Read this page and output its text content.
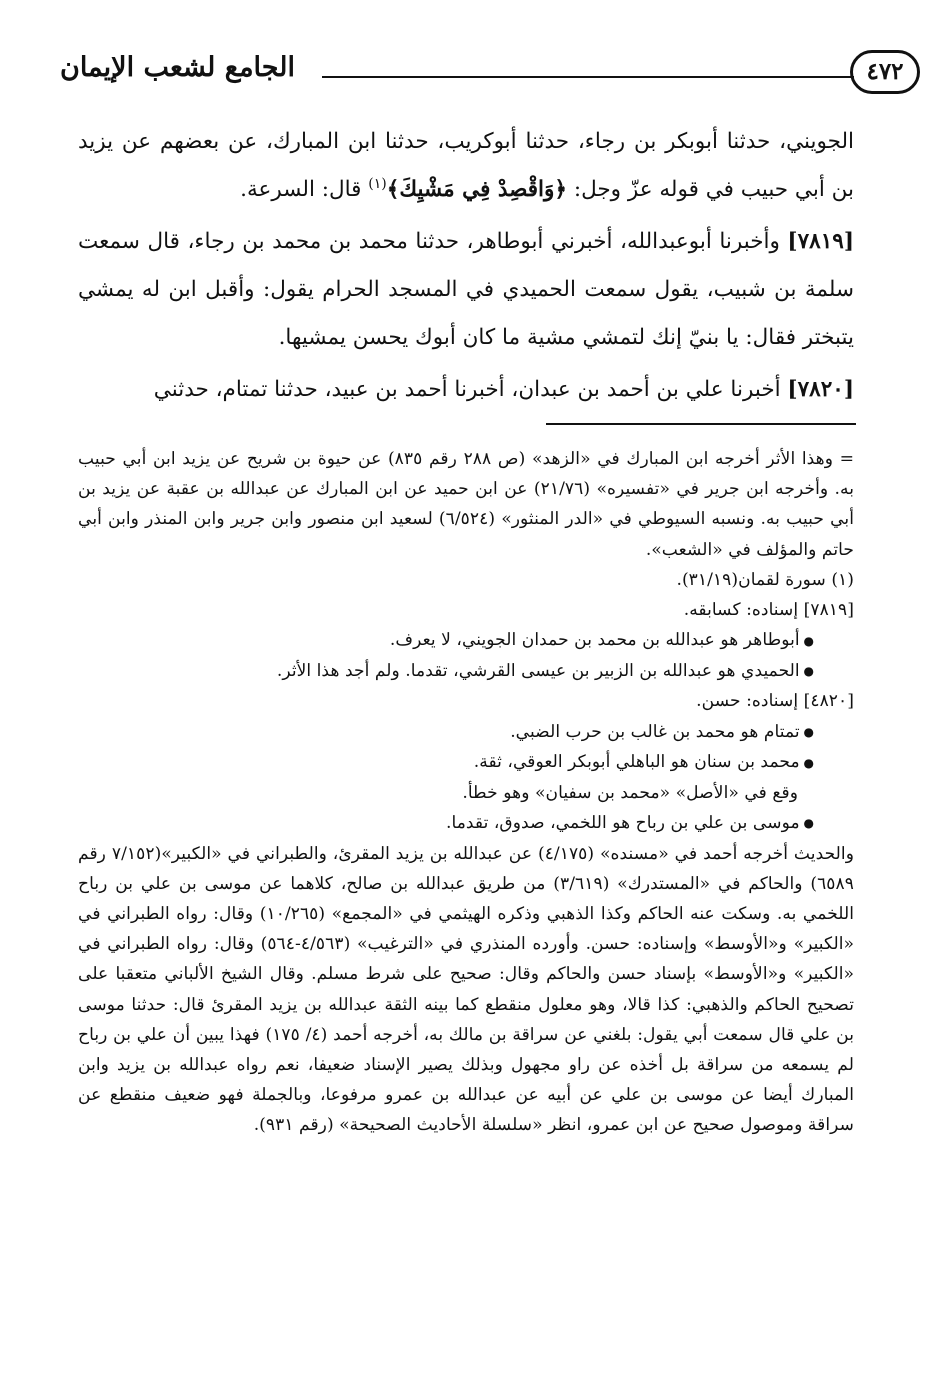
الجامع لشعب الإيمان	٤٧٢

الجويني، حدثنا أبوبكر بن رجاء، حدثنا أبوكريب، حدثنا ابن المبارك، عن بعضهم عن يزيد بن أبي حبيب في قوله عزّ وجل: ﴿وَاقْصِدْ فِي مَشْيِكَ﴾$^{(١)}$ قال: السرعة.

[٧٨١٩] وأخبرنا أبوعبدالله، أخبرني أبوطاهر، حدثنا محمد بن محمد بن رجاء، قال سمعت سلمة بن شبيب، يقول سمعت الحميدي في المسجد الحرام يقول: وأقبل ابن له يمشي يتبختر فقال: يا بنيّ إنك لتمشي مشية ما كان أبوك يحسن يمشيها.

[٧٨٢٠] أخبرنا علي بن أحمد بن عبدان، أخبرنا أحمد بن عبيد، حدثنا تمتام، حدثني

= وهذا الأثر أخرجه ابن المبارك في «الزهد» (ص ٢٨٨ رقم ٨٣٥) عن حيوة بن شريح عن يزيد ابن أبي حبيب به. وأخرجه ابن جرير في «تفسيره» (٢١/٧٦) عن ابن حميد عن ابن المبارك عن عبدالله بن عقبة عن يزيد بن أبي حبيب به. ونسبه السيوطي في «الدر المنثور» (٦/٥٢٤) لسعيد ابن منصور وابن جرير وابن المنذر وابن أبي حاتم والمؤلف في «الشعب».

(١) سورة لقمان(٣١/١٩).

[٧٨١٩] إسناده: كسابقه.

● أبوطاهر هو عبدالله بن محمد بن حمدان الجويني، لا يعرف.

● الحميدي هو عبدالله بن الزبير بن عيسى القرشي، تقدما. ولم أجد هذا الأثر.

[٤٨٢٠] إسناده: حسن.

● تمتام هو محمد بن غالب بن حرب الضبي.

● محمد بن سنان هو الباهلي أبوبكر العوقي، ثقة.

وقع في «الأصل» «محمد بن سفيان» وهو خطأ.

● موسى بن علي بن رباح هو اللخمي، صدوق، تقدما.

والحديث أخرجه أحمد في «مسنده» (٤/١٧٥) عن عبدالله بن يزيد المقرئ، والطبراني في «الكبير»(٧/١٥٢ رقم ٦٥٨٩) والحاكم في «المستدرك» (٣/٦١٩) من طريق عبدالله بن صالح، كلاهما عن موسى بن علي بن رباح اللخمي به. وسكت عنه الحاكم وكذا الذهبي وذكره الهيثمي في «المجمع» (١٠/٢٦٥) وقال: رواه الطبراني في «الكبير» و«الأوسط» وإسناده: حسن. وأورده المنذري في «الترغيب» (٤/٥٦٣-٥٦٤) وقال: رواه الطبراني في «الكبير» و«الأوسط» بإسناد حسن والحاكم وقال: صحيح على شرط مسلم. وقال الشيخ الألباني متعقبا على تصحيح الحاكم والذهبي: كذا قالا، وهو معلول منقطع كما بينه الثقة عبدالله بن يزيد المقرئ قال: حدثنا موسى بن علي قال سمعت أبي يقول: بلغني عن سراقة بن مالك به، أخرجه أحمد (٤/ ١٧٥) فهذا يبين أن علي بن رباح لم يسمعه من سراقة بل أخذه عن راو مجهول وبذلك يصير الإسناد ضعيفا، نعم رواه عبدالله بن يزيد وابن المبارك أيضا عن موسى بن علي عن أبيه عن عبدالله بن عمرو مرفوعا، وبالجملة فهو ضعيف منقطع عن سراقة وموصول صحيح عن ابن عمرو، انظر «سلسلة الأحاديث الصحيحة» (رقم ٩٣١).
